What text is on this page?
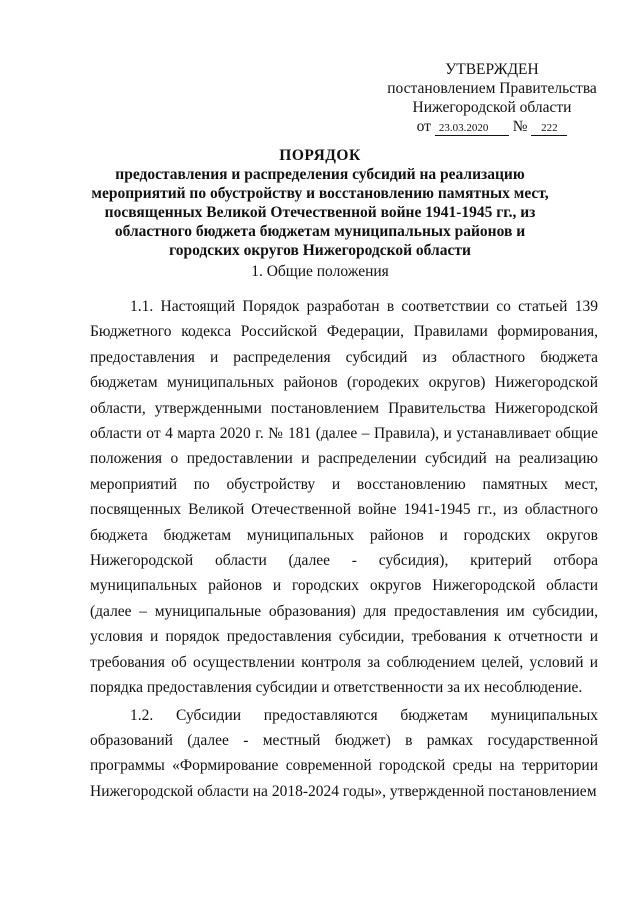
УТВЕРЖДЕН
постановлением Правительства
Нижегородской области
от 23.03.2020 № 222
ПОРЯДОК
предоставления и распределения субсидий на реализацию мероприятий по обустройству и восстановлению памятных мест, посвященных Великой Отечественной войне 1941-1945 гг., из областного бюджета бюджетам муниципальных районов и городских округов Нижегородской области
1. Общие положения

1.1. Настоящий Порядок разработан в соответствии со статьей 139 Бюджетного кодекса Российской Федерации, Правилами формирования, предоставления и распределения субсидий из областного бюджета бюджетам муниципальных районов (городеких округов) Нижегородской области, утвержденными постановлением Правительства Нижегородской области от 4 марта 2020 г. № 181 (далее – Правила), и устанавливает общие положения о предоставлении и распределении субсидий на реализацию мероприятий по обустройству и восстановлению памятных мест, посвященных Великой Отечественной войне 1941-1945 гг., из областного бюджета бюджетам муниципальных районов и городских округов Нижегородской области (далее - субсидия), критерий отбора муниципальных районов и городских округов Нижегородской области (далее – муниципальные образования) для предоставления им субсидии, условия и порядок предоставления субсидии, требования к отчетности и требования об осуществлении контроля за соблюдением целей, условий и порядка предоставления субсидии и ответственности за их несоблюдение.

1.2. Субсидии предоставляются бюджетам муниципальных образований (далее - местный бюджет) в рамках государственной программы «Формирование современной городской среды на территории Нижегородской области на 2018-2024 годы», утвержденной постановлением
